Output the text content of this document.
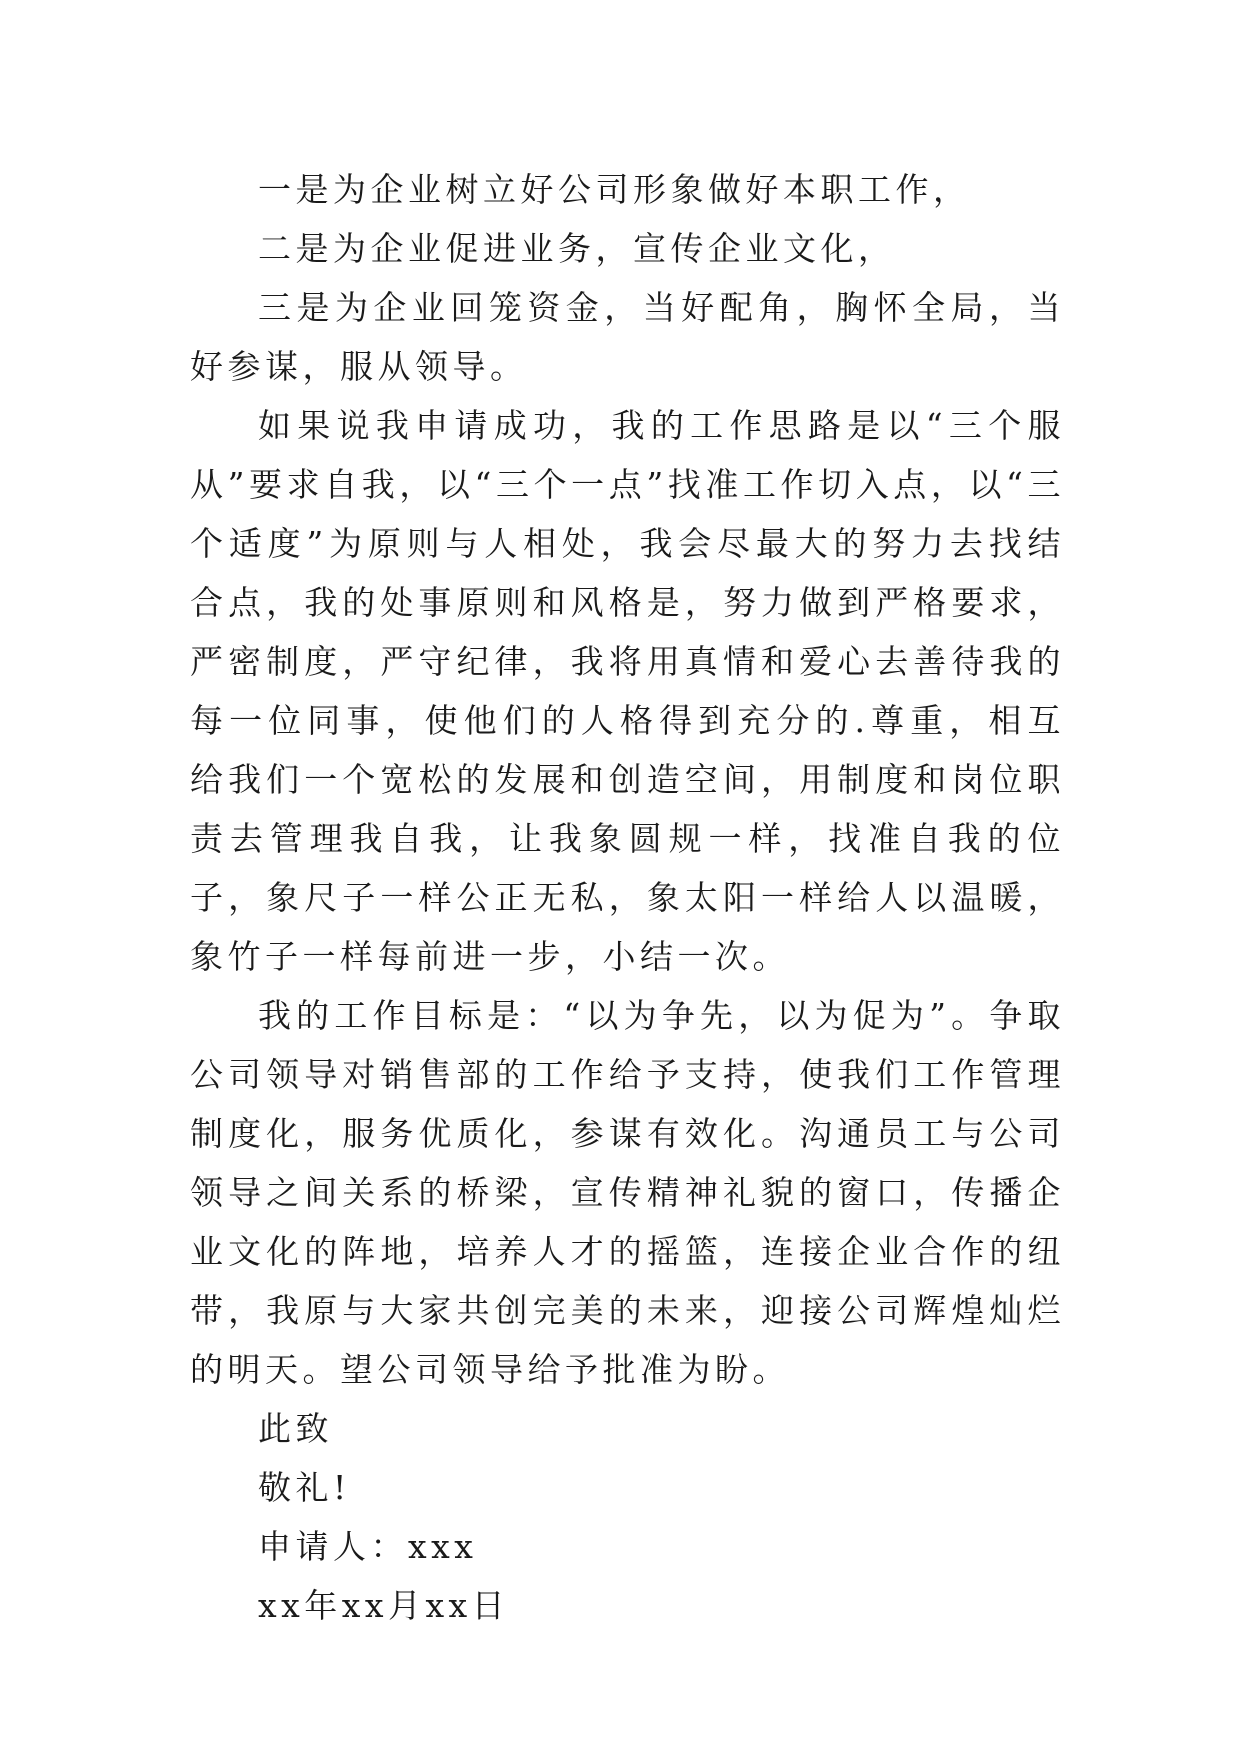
一是为企业树立好公司形象做好本职工作，

二是为企业促进业务，宣传企业文化，

三是为企业回笼资金，当好配角，胸怀全局，当好参谋，服从领导。

如果说我申请成功，我的工作思路是以“三个服从”要求自我，以“三个一点”找准工作切入点，以“三个适度”为原则与人相处，我会尽最大的努力去找结合点，我的处事原则和风格是，努力做到严格要求，严密制度，严守纪律，我将用真情和爱心去善待我的每一位同事，使他们的人格得到充分的.尊重，相互给我们一个宽松的发展和创造空间，用制度和岗位职责去管理我自我，让我象圆规一样，找准自我的位子，象尺子一样公正无私，象太阳一样给人以温暖，象竹子一样每前进一步，小结一次。

我的工作目标是：“以为争先，以为促为”。争取公司领导对销售部的工作给予支持，使我们工作管理制度化，服务优质化，参谋有效化。沟通员工与公司领导之间关系的桥梁，宣传精神礼貌的窗口，传播企业文化的阵地，培养人才的摇篮，连接企业合作的纽带，我原与大家共创完美的未来，迎接公司辉煌灿烂的明天。望公司领导给予批准为盼。

此致

敬礼!

申请人：xxx

xx年xx月xx日
